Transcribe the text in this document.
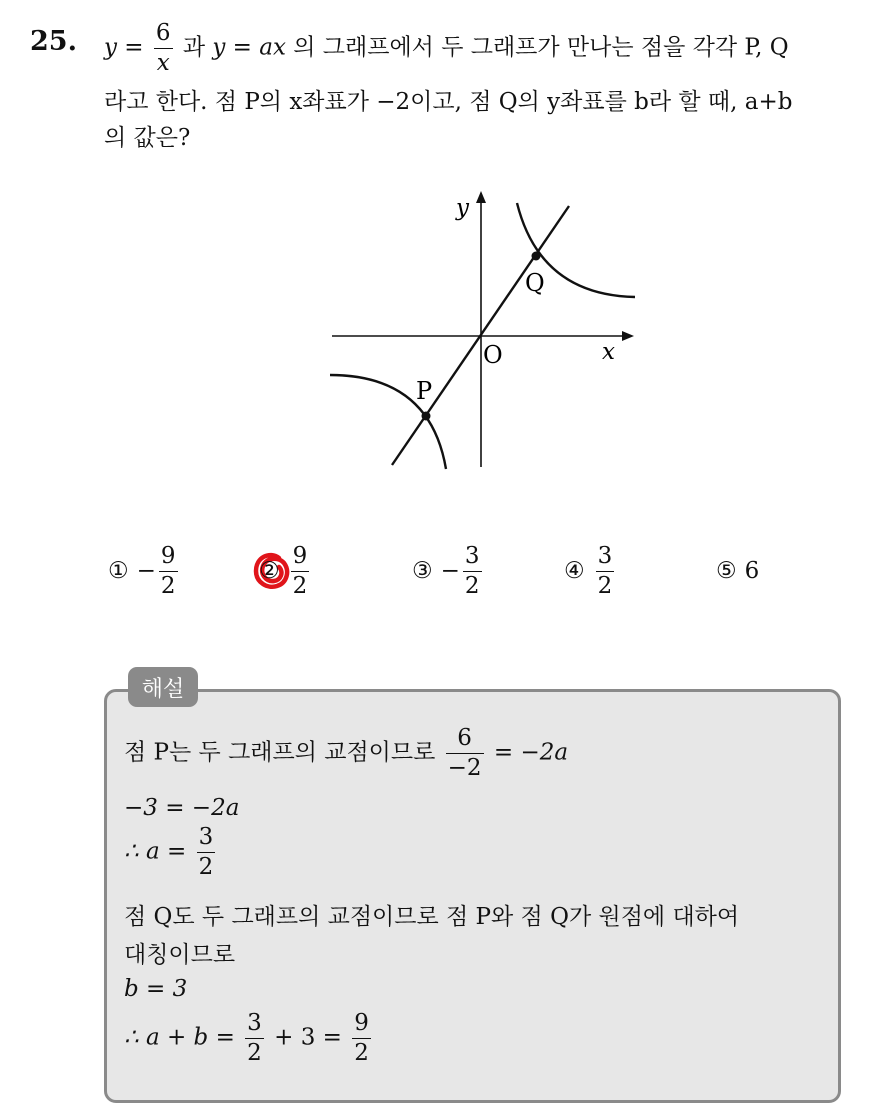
25. $y = \frac{6}{x}$ 과 y = ax 의 그래프에서 두 그래프가 만나는 점을 각각 P, Q
라고 한다. 점 P의 x좌표가 −2이고, 점 Q의 y좌표를 b라 할 때, a+b
의 값은?
y
x
O
P
Q
① − $\frac{9}{2}$	② $\frac{9}{2}$	③ − $\frac{3}{2}$	④ $\frac{3}{2}$	⑤ 6
해설
점 P는 두 그래프의 교점이므로 $\frac{6}{-2} = -2a$
−3 = −2a
∴ $a = \frac{3}{2}$
점 Q도 두 그래프의 교점이므로 점 P와 점 Q가 원점에 대하여
대칭이므로
b = 3
∴ $a + b = \frac{3}{2} + 3 = \frac{9}{2}$
